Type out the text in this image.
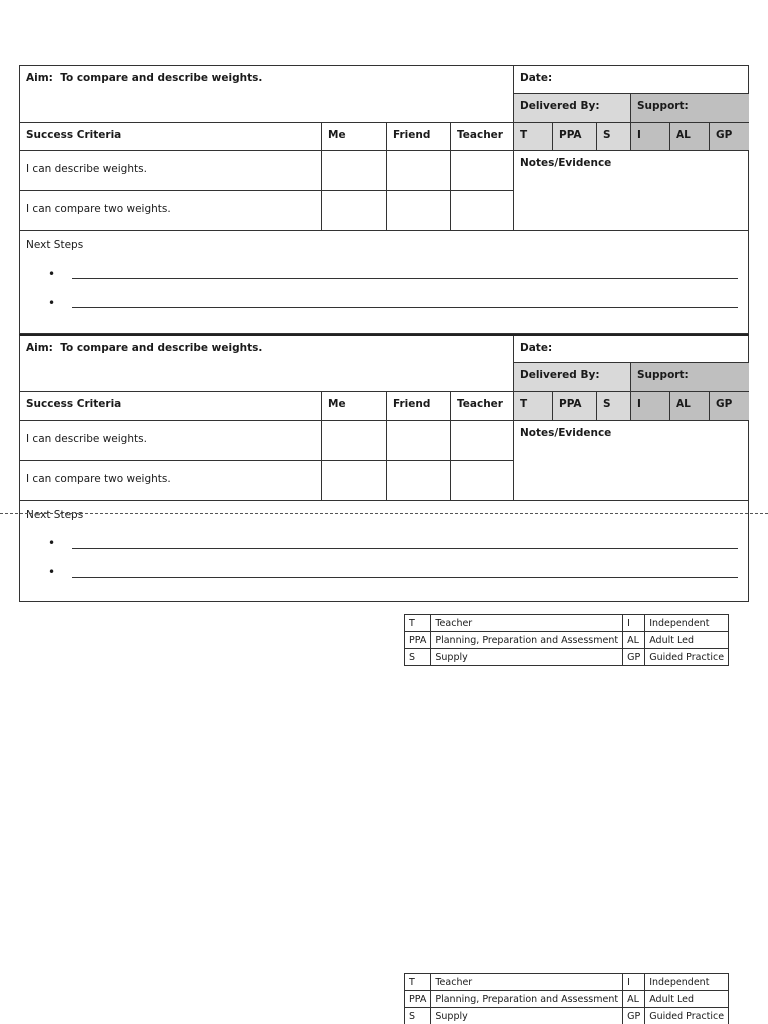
Aim: To compare and describe weights.	Date:
Delivered By:	Support:
Success Criteria	Me	Friend	Teacher	T	PPA	S	I	AL	GP
I can describe weights.
I can compare two weights.
Notes/Evidence
Next Steps
•
•
Aim: To compare and describe weights.	Date:
Delivered By:	Support:
Success Criteria	Me	Friend	Teacher	T	PPA	S	I	AL	GP
I can describe weights.
I can compare two weights.
Notes/Evidence
Next Steps
•
•
T	Teacher	I	Independent
PPA	Planning, Preparation and Assessment	AL	Adult Led
S	Supply	GP	Guided Practice
T	Teacher	I	Independent
PPA	Planning, Preparation and Assessment	AL	Adult Led
S	Supply	GP	Guided Practice
